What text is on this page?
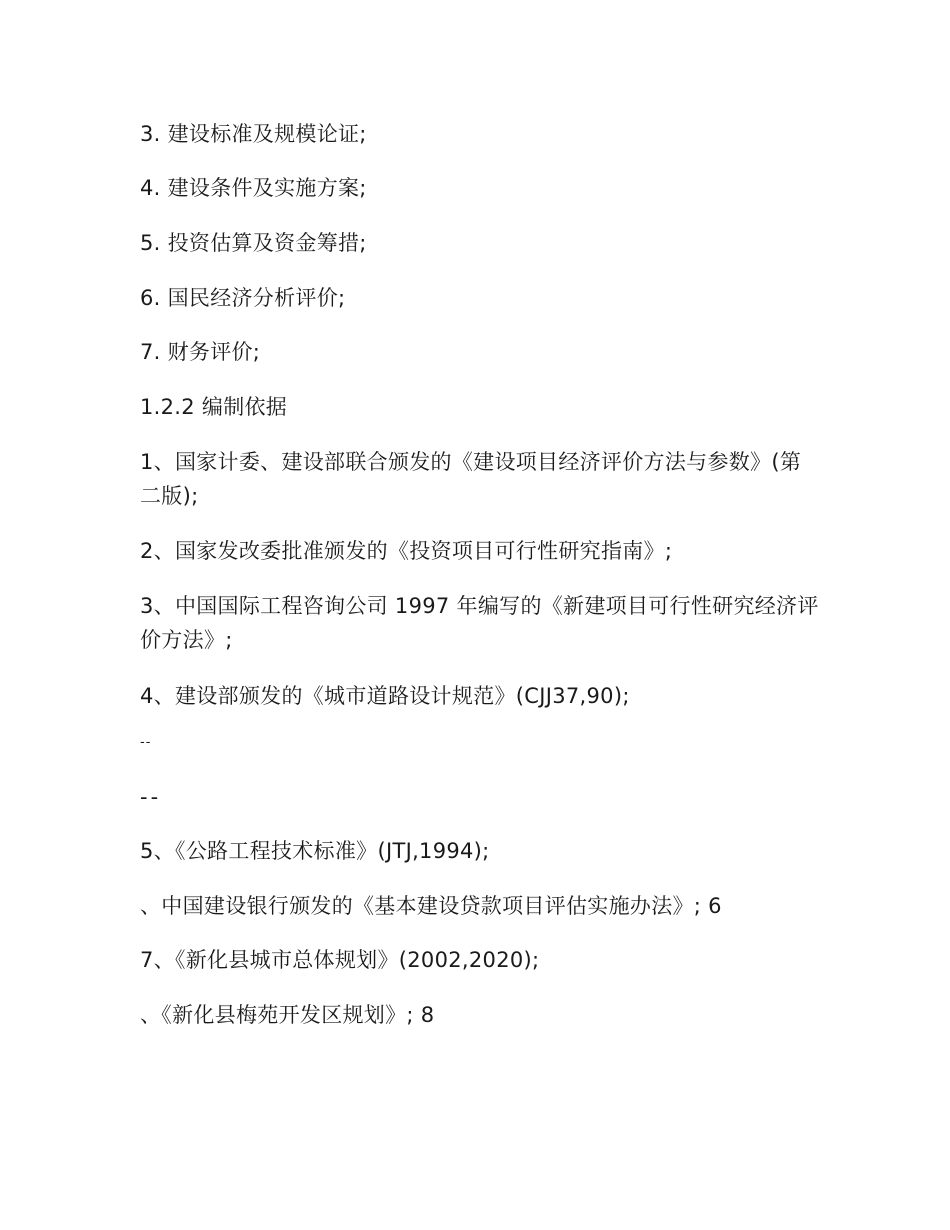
3. 建设标准及规模论证;
4. 建设条件及实施方案;
5. 投资估算及资金筹措;
6. 国民经济分析评价;
7. 财务评价;
1.2.2 编制依据
1、国家计委、建设部联合颁发的《建设项目经济评价方法与参数》(第二版);
2、国家发改委批准颁发的《投资项目可行性研究指南》;
3、中国国际工程咨询公司 1997 年编写的《新建项目可行性研究经济评价方法》;
4、建设部颁发的《城市道路设计规范》(CJJ37,90);
--
--
5、《公路工程技术标准》(JTJ,1994);
、中国建设银行颁发的《基本建设贷款项目评估实施办法》; 6
7、《新化县城市总体规划》(2002,2020);
、《新化县梅苑开发区规划》; 8
